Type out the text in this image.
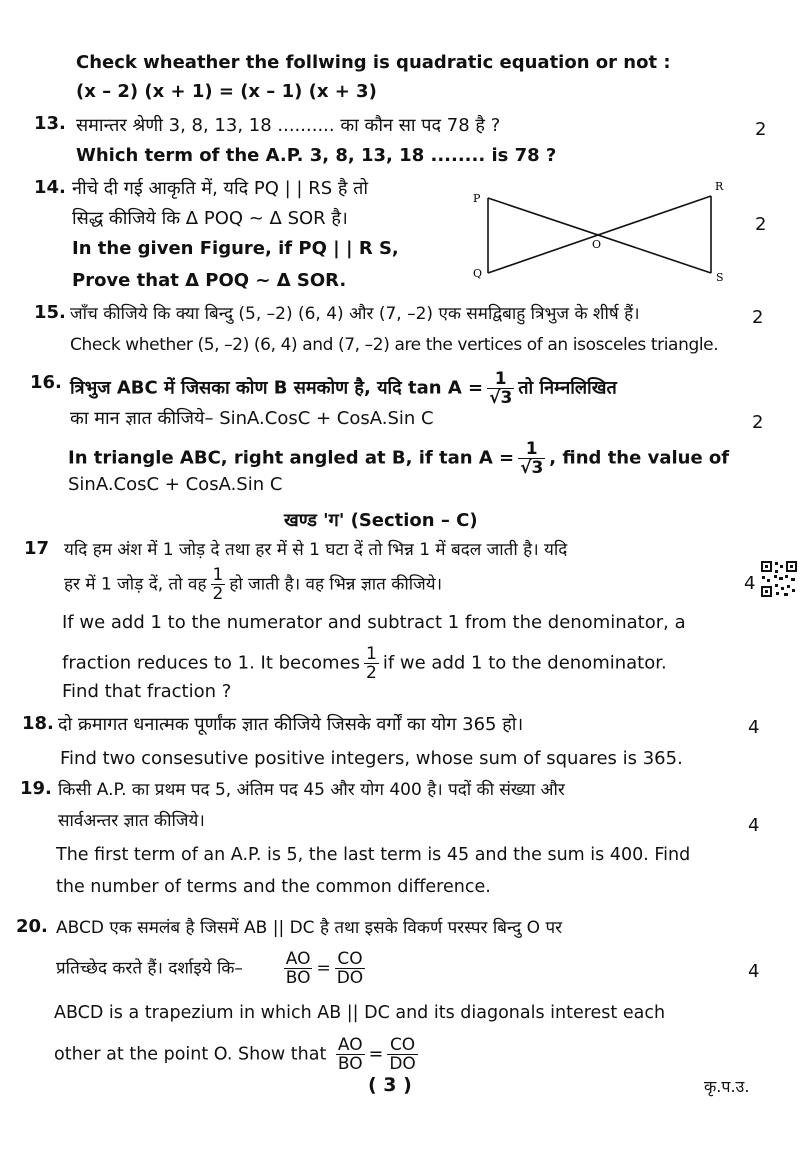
Check wheather the follwing is quadratic equation or not :
(x – 2) (x + 1) = (x – 1) (x + 3)
13. समान्तर श्रेणी 3, 8, 13, 18 .......... का कौन सा पद 78 है ?	2
Which term of the A.P. 3, 8, 13, 18 ........ is 78 ?
14. नीचे दी गई आकृति में, यदि PQ | | RS है तो
सिद्ध कीजिये कि Δ POQ ~ Δ SOR है।
In the given Figure, if PQ | | R S,
Prove that Δ POQ ~ Δ SOR.
2
P
Q
R
S
O
15. जाँच कीजिये कि क्या बिन्दु (5, –2) (6, 4) और (7, –2) एक समद्विबाहु त्रिभुज के शीर्ष हैं।	2
Check whether (5, –2) (6, 4) and (7, –2) are the vertices of an isosceles triangle.
16. त्रिभुज ABC में जिसका कोण B समकोण है, यदि $\tan A = \frac{1}{√3}$ तो निम्नलिखित
का मान ज्ञात कीजिये– SinA.CosC + CosA.Sin C	2
In triangle ABC, right angled at B, if $\tan A = \frac{1}{√3}$ , find the value of
SinA.CosC + CosA.Sin C
खण्ड 'ग' (Section – C)
17 यदि हम अंश में 1 जोड़ दे तथा हर में से 1 घटा दें तो भिन्न 1 में बदल जाती है। यदि
हर में 1 जोड़ दें, तो वह $\frac{1}{2}$ हो जाती है। वह भिन्न ज्ञात कीजिये।	4
If we add 1 to the numerator and subtract 1 from the denominator, a
fraction reduces to 1. It becomes $\frac{1}{2}$ if we add 1 to the denominator.
Find that fraction ?
18. दो क्रमागत धनात्मक पूर्णांक ज्ञात कीजिये जिसके वर्गों का योग 365 हो।	4
Find two consesutive positive integers, whose sum of squares is 365.
19. किसी A.P. का प्रथम पद 5, अंतिम पद 45 और योग 400 है। पदों की संख्या और
सार्वअन्तर ज्ञात कीजिये।	4
The first term of an A.P. is 5, the last term is 45 and the sum is 400. Find
the number of terms and the common difference.
20. ABCD एक समलंब है जिसमें AB || DC है तथा इसके विकर्ण परस्पर बिन्दु O पर
प्रतिच्छेद करते हैं। दर्शाइये कि– $\frac{AO}{BO} = \frac{CO}{DO}$	4
ABCD is a trapezium in which AB || DC and its diagonals interest each
other at the point O. Show that $\frac{AO}{BO} = \frac{CO}{DO}$
( 3 )	कृ.प.उ.
